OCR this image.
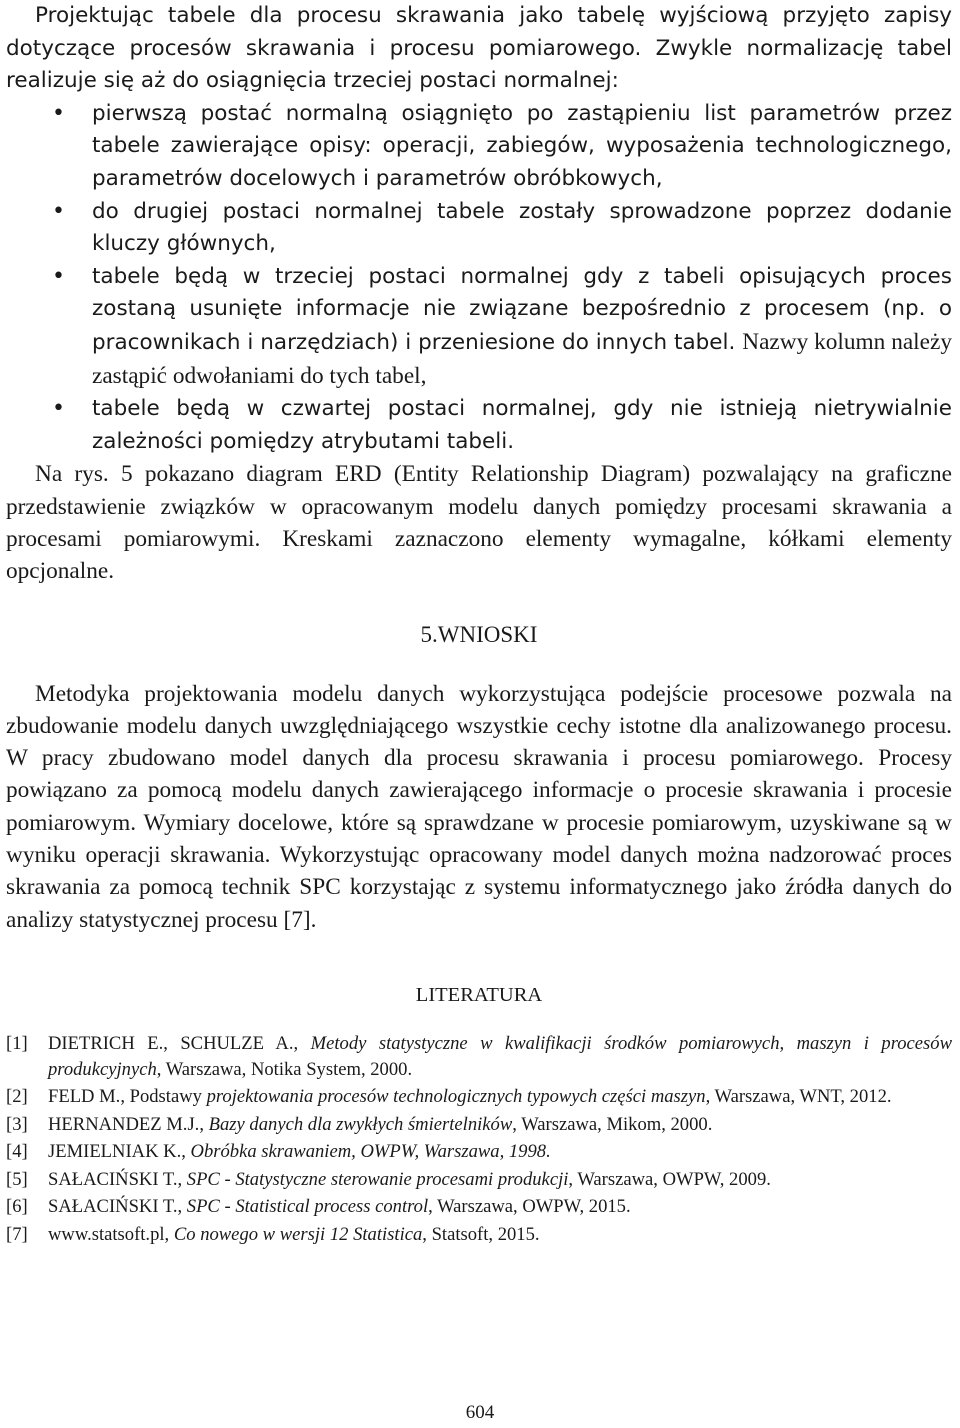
Projektując tabele dla procesu skrawania jako tabelę wyjściową przyjęto zapisy dotyczące procesów skrawania i procesu pomiarowego. Zwykle normalizację tabel realizuje się aż do osiągnięcia trzeciej postaci normalnej:

• pierwszą postać normalną osiągnięto po zastąpieniu list parametrów przez tabele zawierające opisy: operacji, zabiegów, wyposażenia technologicznego, parametrów docelowych i parametrów obróbkowych,
• do drugiej postaci normalnej tabele zostały sprowadzone poprzez dodanie kluczy głównych,
• tabele będą w trzeciej postaci normalnej gdy z tabeli opisujących proces zostaną usunięte informacje nie związane bezpośrednio z procesem (np. o pracownikach i narzędziach) i przeniesione do innych tabel. Nazwy kolumn należy zastąpić odwołaniami do tych tabel,
• tabele będą w czwartej postaci normalnej, gdy nie istnieją nietrywialnie zależności pomiędzy atrybutami tabeli.

Na rys. 5 pokazano diagram ERD (Entity Relationship Diagram) pozwalający na graficzne przedstawienie związków w opracowanym modelu danych pomiędzy procesami skrawania a procesami pomiarowymi. Kreskami zaznaczono elementy wymagalne, kółkami elementy opcjonalne.

5.WNIOSKI

Metodyka projektowania modelu danych wykorzystująca podejście procesowe pozwala na zbudowanie modelu danych uwzględniającego wszystkie cechy istotne dla analizowanego procesu. W pracy zbudowano model danych dla procesu skrawania i procesu pomiarowego. Procesy powiązano za pomocą modelu danych zawierającego informacje o procesie skrawania i procesie pomiarowym. Wymiary docelowe, które są sprawdzane w procesie pomiarowym, uzyskiwane są w wyniku operacji skrawania. Wykorzystując opracowany model danych można nadzorować proces skrawania za pomocą technik SPC korzystając z systemu informatycznego jako źródła danych do analizy statystycznej procesu [7].

LITERATURA
[1] DIETRICH E., SCHULZE A., Metody statystyczne w kwalifikacji środków pomiarowych, maszyn i procesów produkcyjnych, Warszawa, Notika System, 2000.
[2] FELD M., Podstawy projektowania procesów technologicznych typowych części maszyn, Warszawa, WNT, 2012.
[3] HERNANDEZ M.J., Bazy danych dla zwykłych śmiertelników, Warszawa, Mikom, 2000.
[4] JEMIELNIAK K., Obróbka skrawaniem, OWPW, Warszawa, 1998.
[5] SAŁACIŃSKI T., SPC - Statystyczne sterowanie procesami produkcji, Warszawa, OWPW, 2009.
[6] SAŁACIŃSKI T., SPC - Statistical process control, Warszawa, OWPW, 2015.
[7] www.statsoft.pl, Co nowego w wersji 12 Statistica, Statsoft, 2015.
604
